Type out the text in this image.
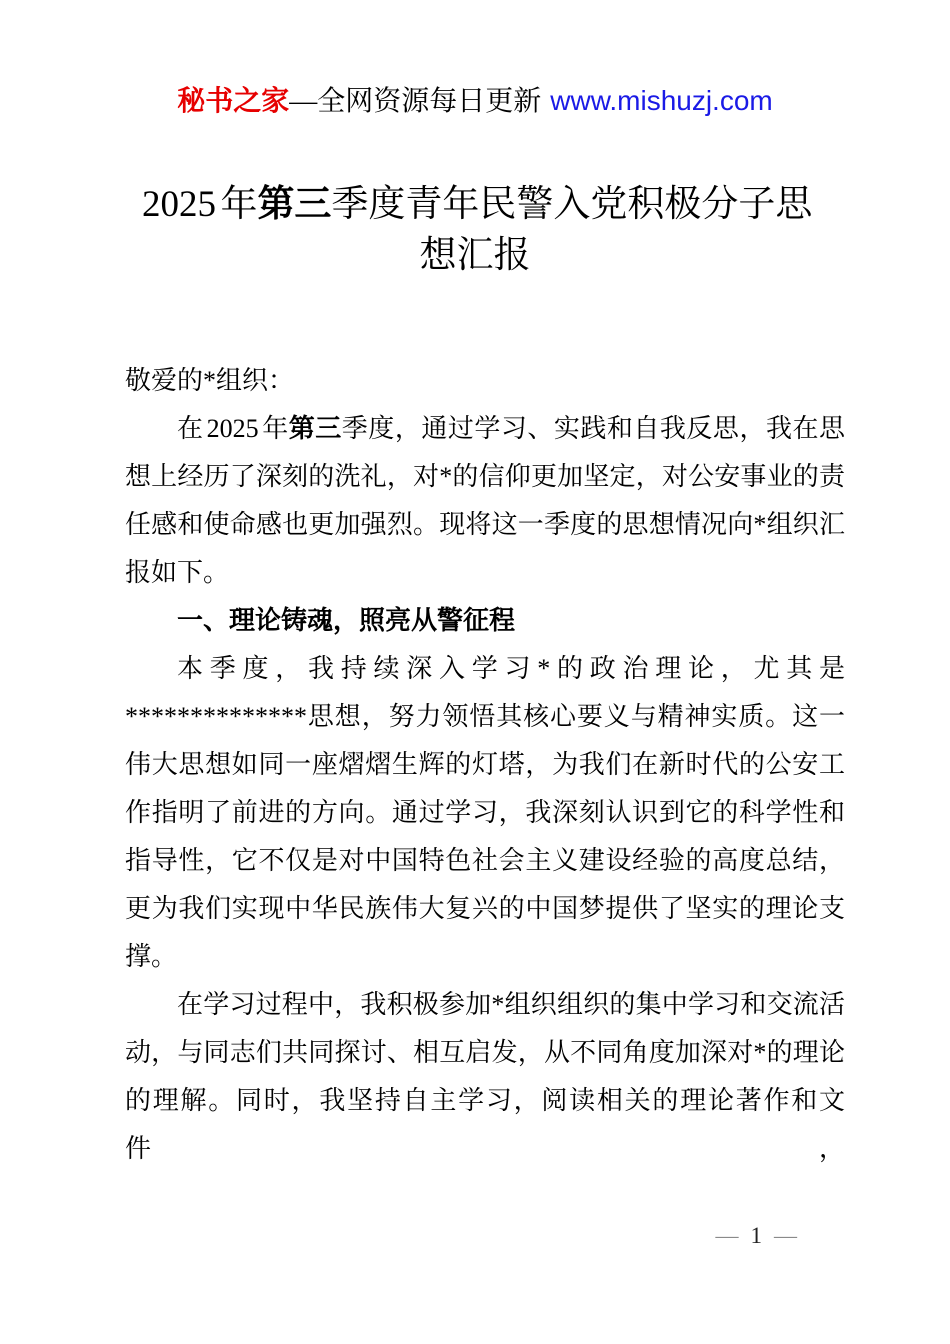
秘书之家—全网资源每日更新 www.mishuzj.com
2025 年第三季度青年民警入党积极分子思想汇报

敬爱的*组织：

在 2025 年第三季度，通过学习、实践和自我反思，我在思想上经历了深刻的洗礼，对*的信仰更加坚定，对公安事业的责任感和使命感也更加强烈。现将这一季度的思想情况向*组织汇报如下。

一、理论铸魂，照亮从警征程

本季度，我持续深入学习*的政治理论，尤其是**************思想，努力领悟其核心要义与精神实质。这一伟大思想如同一座熠熠生辉的灯塔，为我们在新时代的公安工作指明了前进的方向。通过学习，我深刻认识到它的科学性和指导性，它不仅是对中国特色社会主义建设经验的高度总结，更为我们实现中华民族伟大复兴的中国梦提供了坚实的理论支撑。

在学习过程中，我积极参加*组织组织的集中学习和交流活动，与同志们共同探讨、相互启发，从不同角度加深对*的理论的理解。同时，我坚持自主学习，阅读相关的理论著作和文件，

— 1 —
